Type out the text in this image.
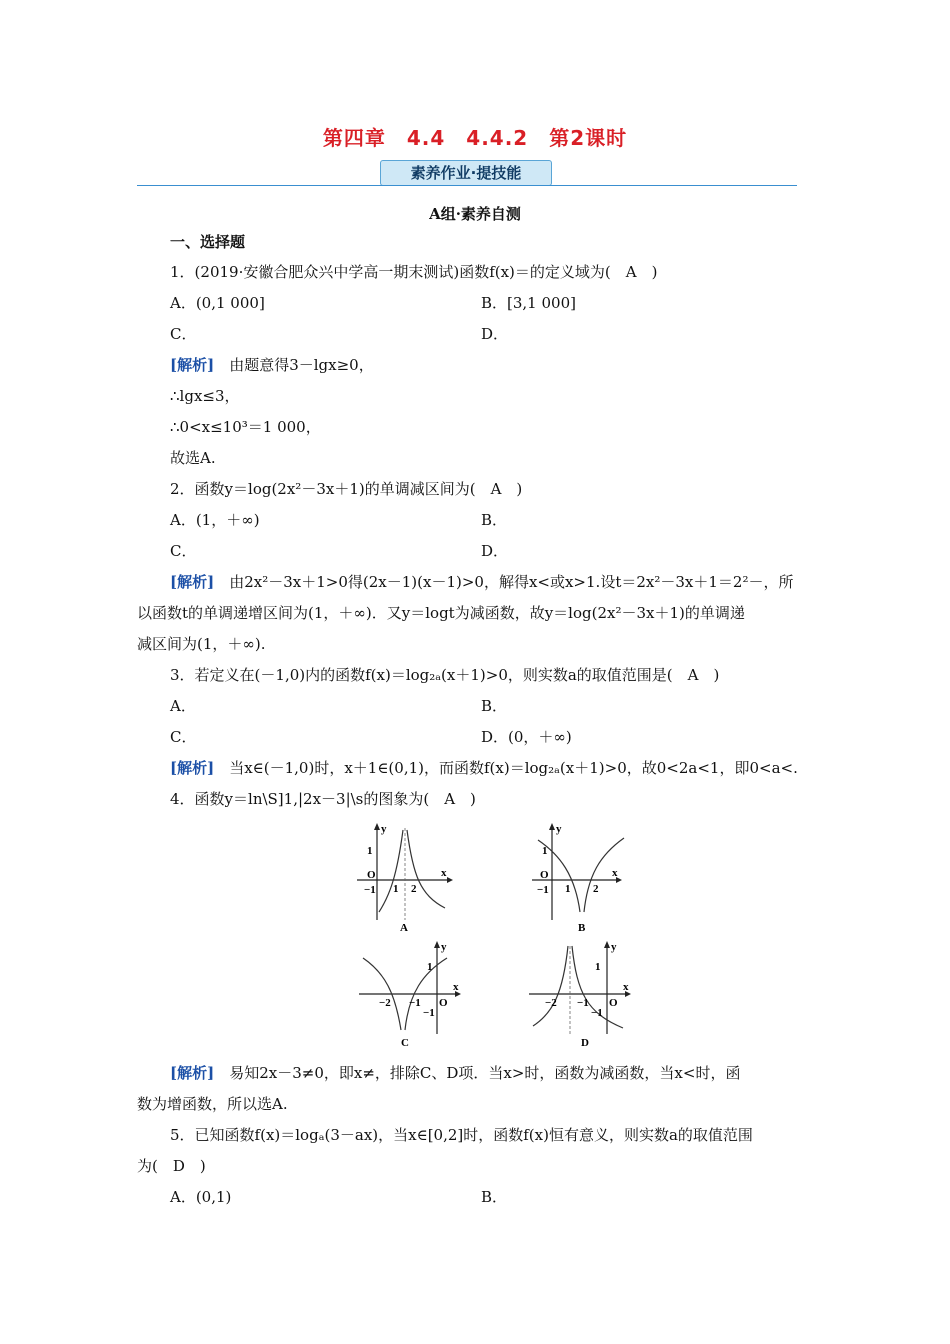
第四章　4.4　4.4.2　第2课时
素养作业·提技能
A组·素养自测
一、选择题
1．(2019·安徽合肥众兴中学高一期末测试)函数f(x)＝的定义域为(　A　)
A．(0,1 000]	B．[3,1 000]
C．	D．
[解析]　由题意得3－lgx≥0，
∴lgx≤3，
∴0<x≤10³＝1 000，
故选A.
2．函数y＝log(2x²－3x＋1)的单调减区间为(　A　)
A．(1，＋∞)	B．
C．	D．
[解析]　由2x²－3x＋1>0得(2x－1)(x－1)>0，解得x<或x>1.设t＝2x²－3x＋1＝2²－，所
以函数t的单调递增区间为(1，＋∞)．又y＝logt为减函数，故y＝log(2x²－3x＋1)的单调递
减区间为(1，＋∞).
3．若定义在(－1,0)内的函数f(x)＝log₂ₐ(x＋1)>0，则实数a的取值范围是(　A　)
A．	B．
C．	D．(0，＋∞)
[解析]　当x∈(－1,0)时，x＋1∈(0,1)，而函数f(x)＝log₂ₐ(x＋1)>0，故0<2a<1，即0<a<.
4．函数y＝ln\S]1,|2x－3|\s的图象为(　A　)
y
x
O
1
−1 1 2
A
y
x
O
1
−1 1 2
B
y
x
O
1
−1
−2 −1
C
y
x
O
1
−1
−2 −1
D
[解析]　易知2x－3≠0，即x≠，排除C、D项．当x>时，函数为减函数，当x<时，函
数为增函数，所以选A.
5．已知函数f(x)＝logₐ(3－ax)，当x∈[0,2]时，函数f(x)恒有意义，则实数a的取值范围
为(　D　)
A．(0,1)	B．
